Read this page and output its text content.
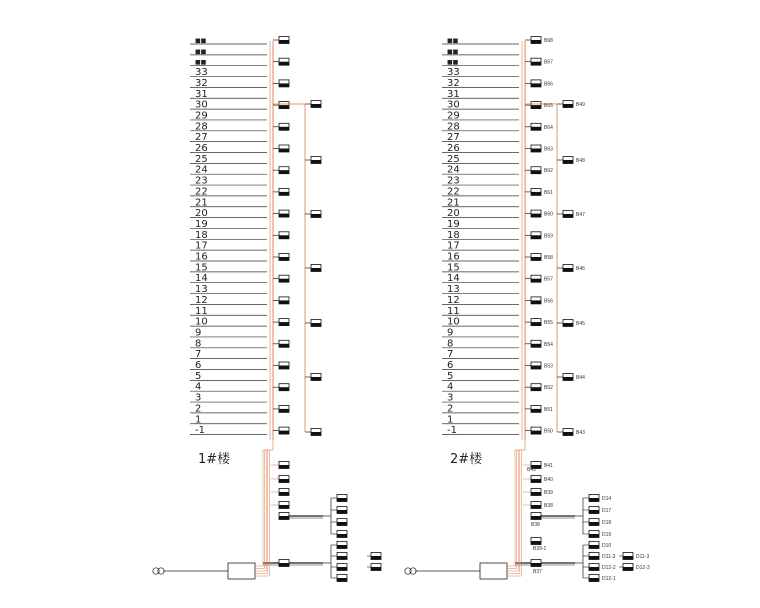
■■
■■
■■
33
32
31
30
29
28
27
26
25
24
23
22
21
20
19
18
17
16
15
14
13
12
11
10
9
8
7
6
5
4
3
2
1
-1
1#楼
■■
■■
■■
33
32
31
30
29
28
27
26
25
24
23
22
21
20
19
18
17
16
15
14
13
12
11
10
9
8
7
6
5
4
3
2
1
-1
B68
B67
B66
B65
B64
B63
B62
B61
B60
B59
B58
B57
B56
B55
B54
B53
B52
B51
B50
B49
B48
B47
B46
B45
B44
B43
2#楼	B41
B40
B39
B38
B43
B38
D14
D17
D18
D19
B39-1
B37
D10
D11-3
D12-2
D12-1
D11-3
D12-3
